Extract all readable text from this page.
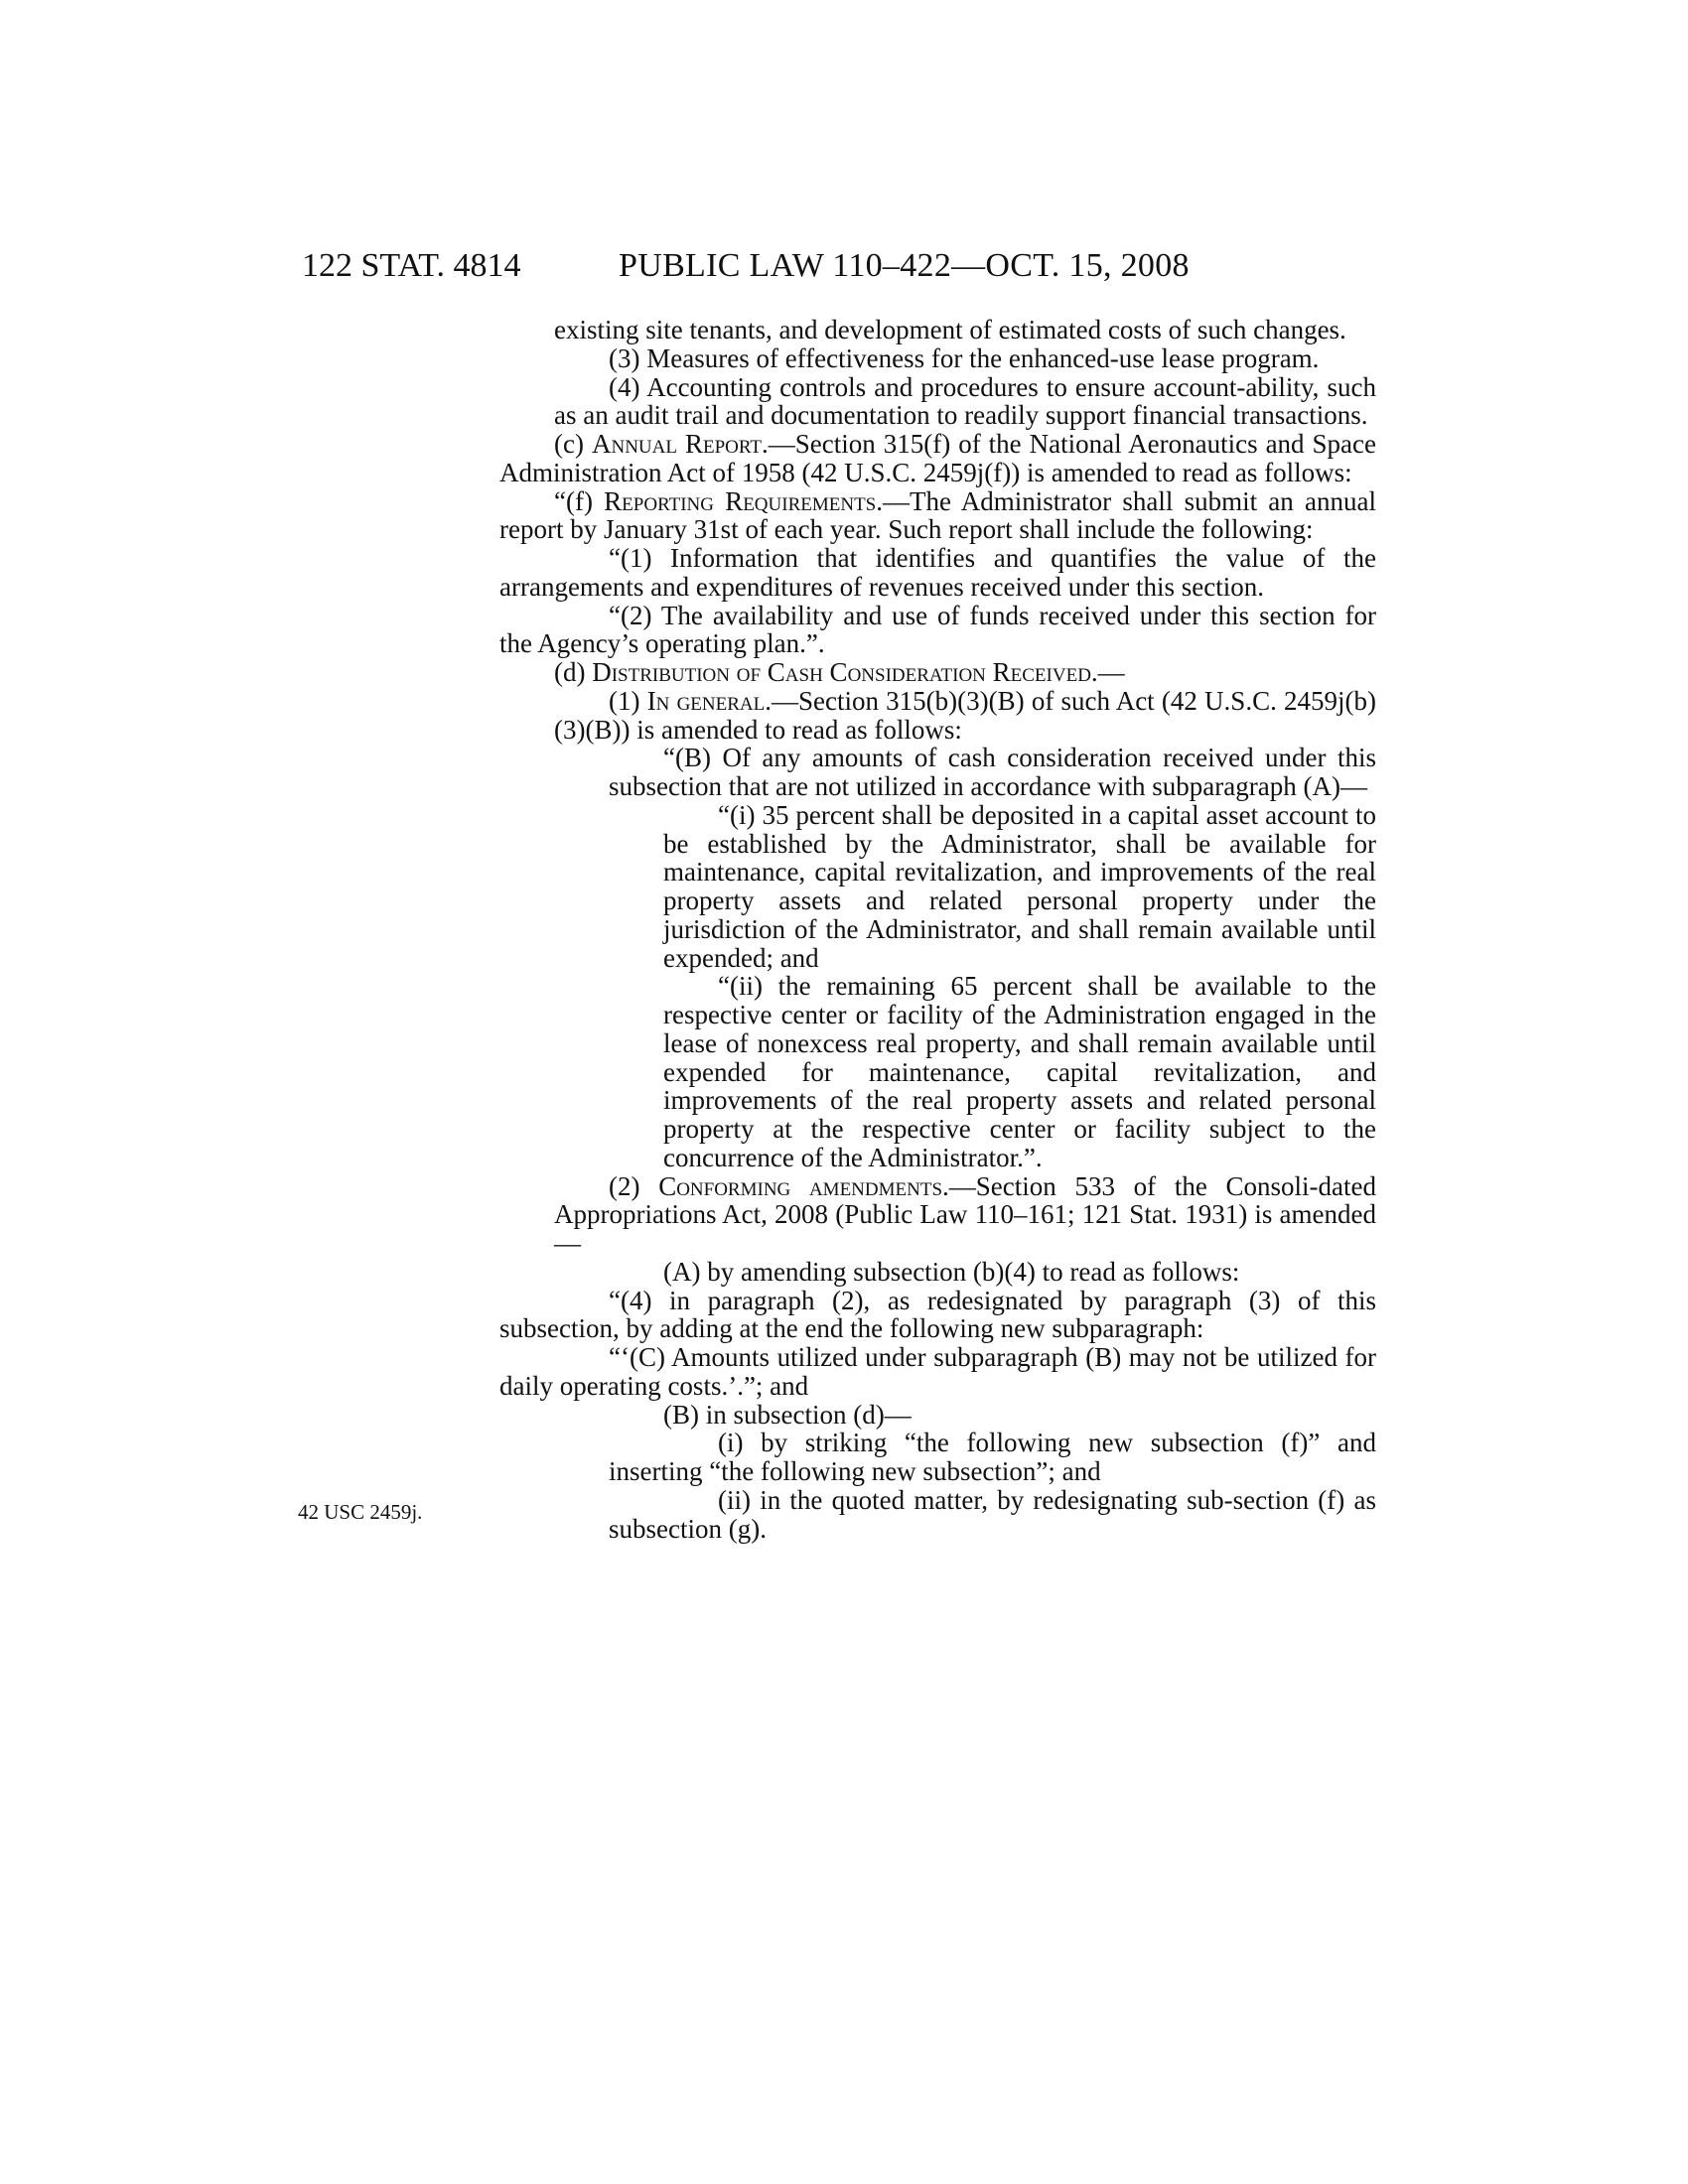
122 STAT. 4814	PUBLIC LAW 110–422—OCT. 15, 2008
42 USC 2459j.

existing site tenants, and development of estimated costs of such changes.

(3) Measures of effectiveness for the enhanced-use lease program.

(4) Accounting controls and procedures to ensure account-ability, such as an audit trail and documentation to readily support financial transactions.

(c) Annual Report.—Section 315(f) of the National Aeronautics and Space Administration Act of 1958 (42 U.S.C. 2459j(f)) is amended to read as follows:

“(f) Reporting Requirements.—The Administrator shall submit an annual report by January 31st of each year. Such report shall include the following:

“(1) Information that identifies and quantifies the value of the arrangements and expenditures of revenues received under this section.

“(2) The availability and use of funds received under this section for the Agency’s operating plan.”.

(d) Distribution of Cash Consideration Received.—

(1) In general.—Section 315(b)(3)(B) of such Act (42 U.S.C. 2459j(b)(3)(B)) is amended to read as follows:

“(B) Of any amounts of cash consideration received under this subsection that are not utilized in accordance with subparagraph (A)—

“(i) 35 percent shall be deposited in a capital asset account to be established by the Administrator, shall be available for maintenance, capital revitalization, and improvements of the real property assets and related personal property under the jurisdiction of the Administrator, and shall remain available until expended; and

“(ii) the remaining 65 percent shall be available to the respective center or facility of the Administration engaged in the lease of nonexcess real property, and shall remain available until expended for maintenance, capital revitalization, and improvements of the real property assets and related personal property at the respective center or facility subject to the concurrence of the Administrator.”.

(2) Conforming amendments.—Section 533 of the Consoli-dated Appropriations Act, 2008 (Public Law 110–161; 121 Stat. 1931) is amended—

(A) by amending subsection (b)(4) to read as follows:

“(4) in paragraph (2), as redesignated by paragraph (3) of this subsection, by adding at the end the following new subparagraph:

“‘(C) Amounts utilized under subparagraph (B) may not be utilized for daily operating costs.’.”; and

(B) in subsection (d)—

(i) by striking “the following new subsection (f)” and inserting “the following new subsection”; and

(ii) in the quoted matter, by redesignating sub-section (f) as subsection (g).
